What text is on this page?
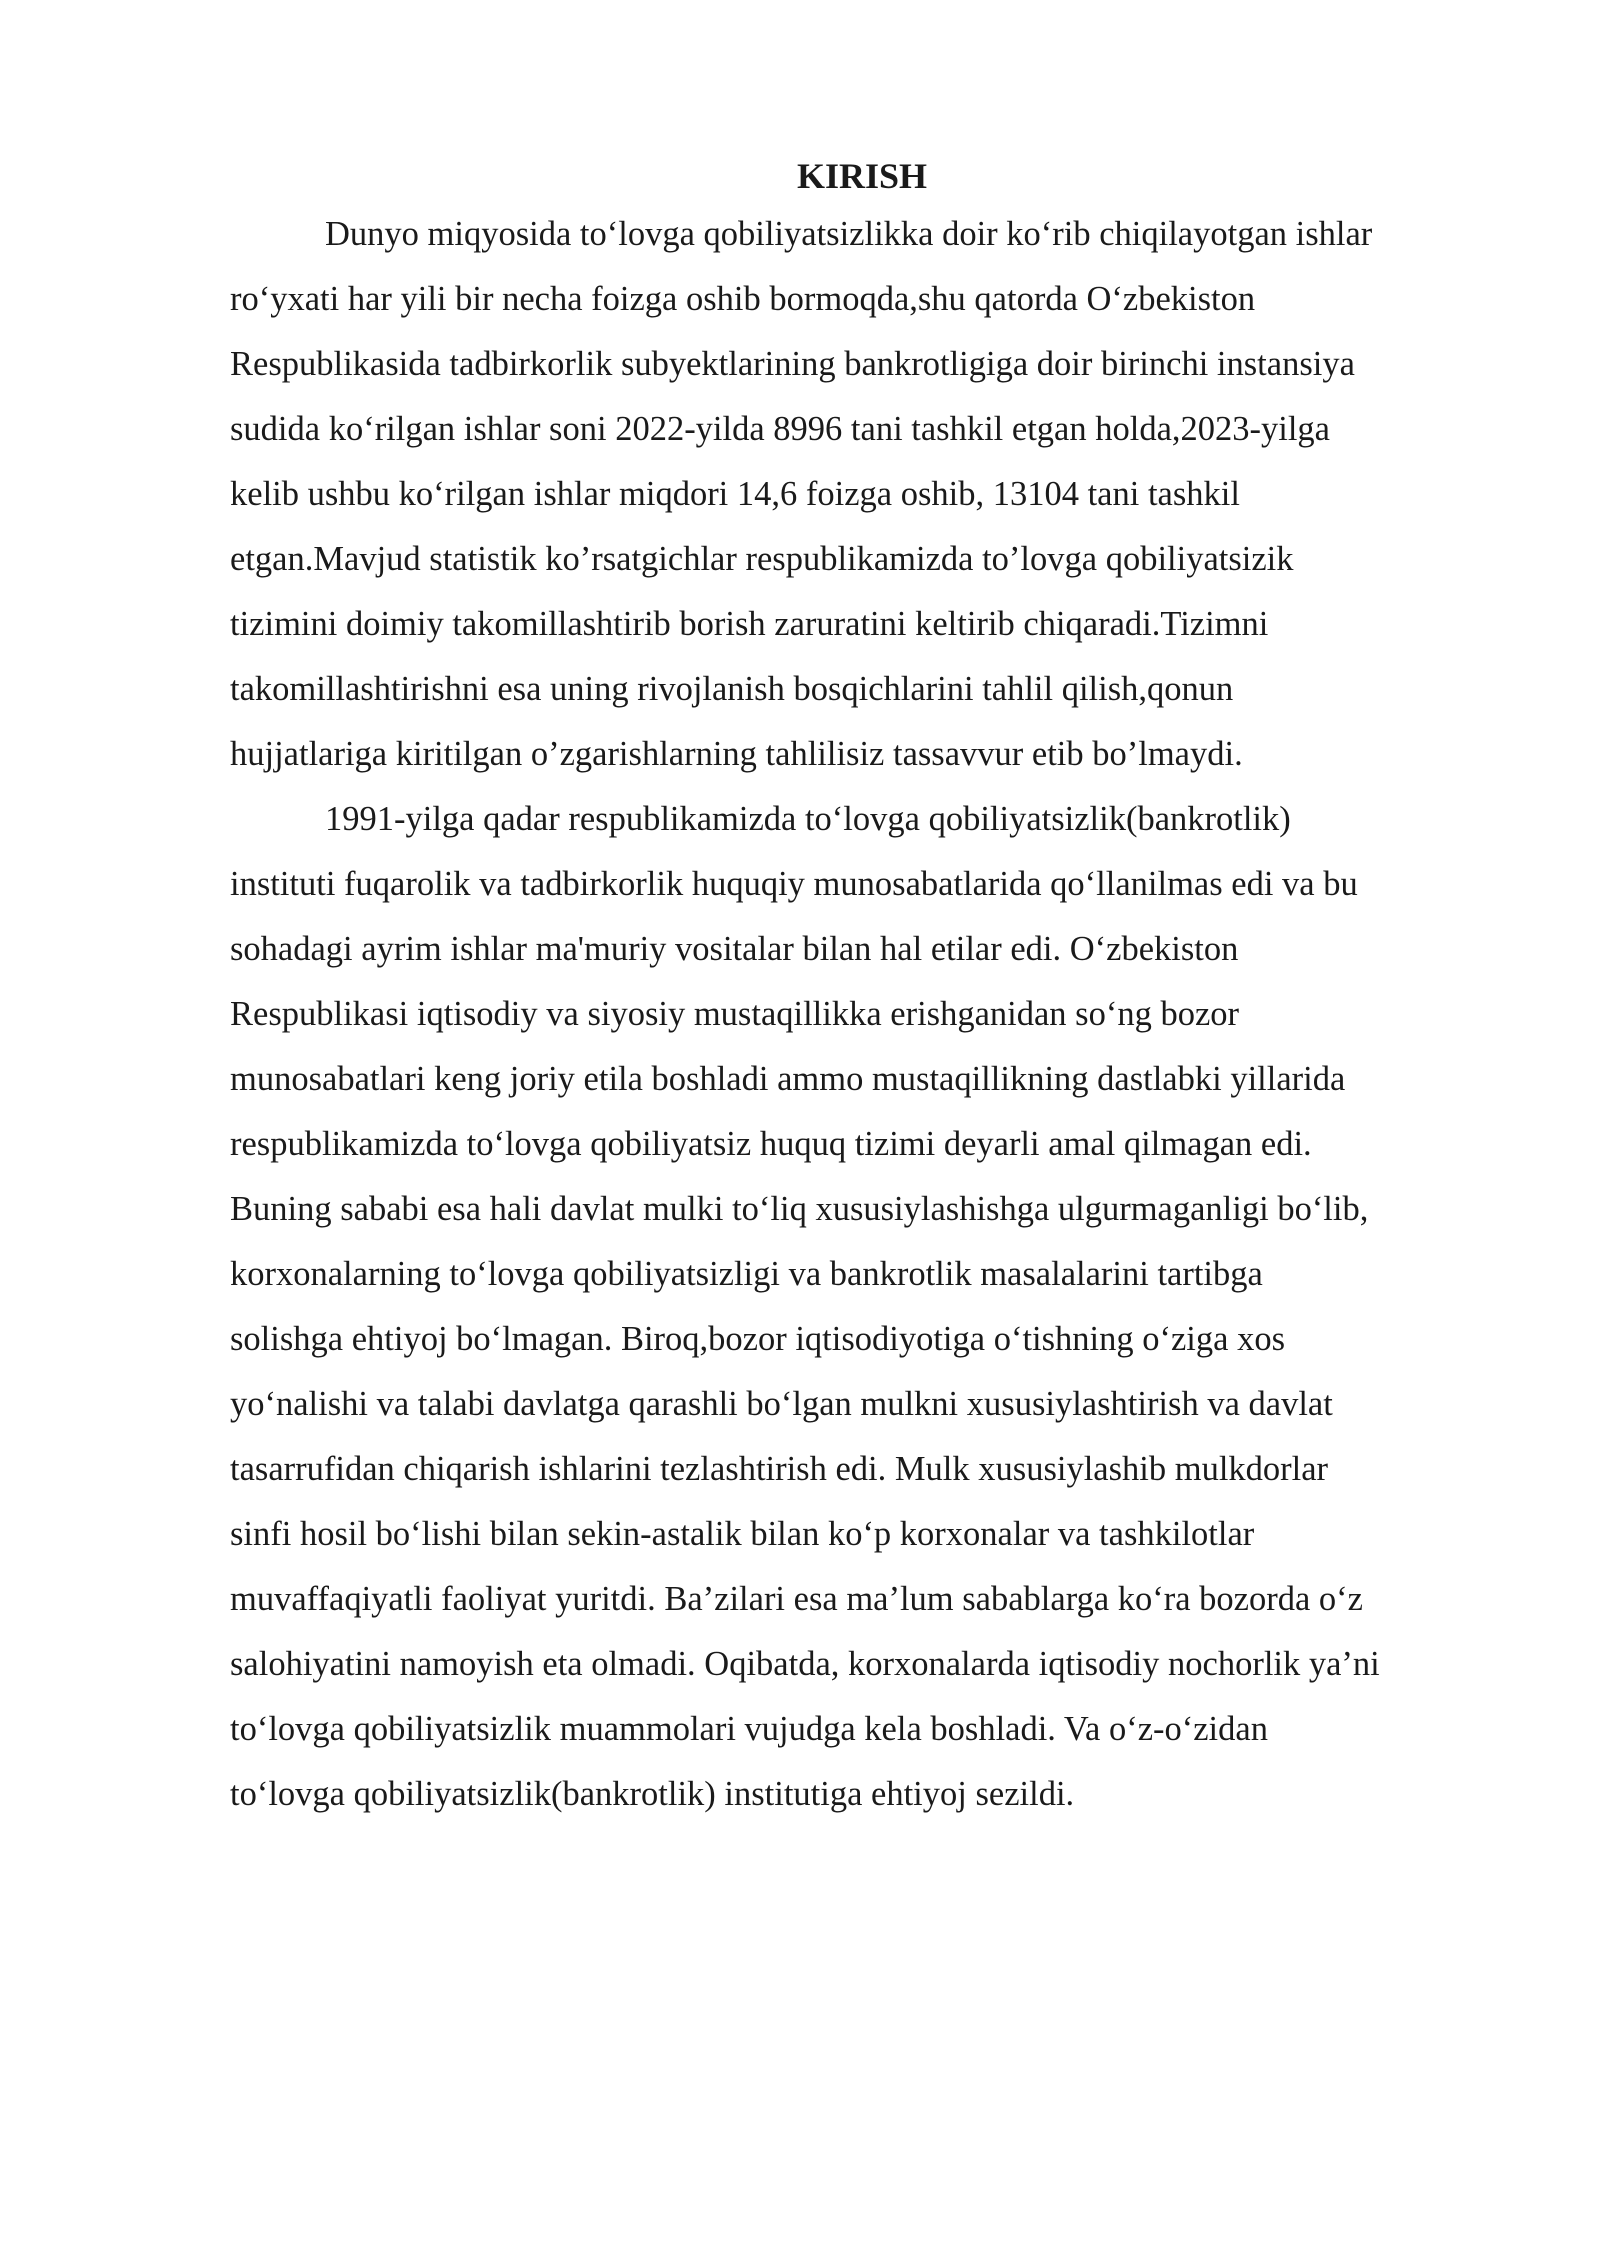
KIRISH

Dunyo miqyosida to‘lovga qobiliyatsizlikka doir ko‘rib chiqilayotgan ishlar
ro‘yxati har yili bir necha foizga oshib bormoqda,shu qatorda O‘zbekiston
Respublikasida tadbirkorlik subyektlarining bankrotligiga doir birinchi instansiya
sudida ko‘rilgan ishlar soni 2022-yilda 8996 tani tashkil etgan holda,2023-yilga
kelib ushbu ko‘rilgan ishlar miqdori 14,6 foizga oshib, 13104 tani tashkil
etgan.Mavjud statistik ko’rsatgichlar respublikamizda to’lovga qobiliyatsizik
tizimini doimiy takomillashtirib borish zaruratini keltirib chiqaradi.Tizimni
takomillashtirishni esa uning rivojlanish bosqichlarini tahlil qilish,qonun
hujjatlariga kiritilgan o’zgarishlarning tahlilisiz tassavvur etib bo’lmaydi.

1991-yilga qadar respublikamizda to‘lovga qobiliyatsizlik(bankrotlik)
instituti fuqarolik va tadbirkorlik huquqiy munosabatlarida qo‘llanilmas edi va bu
sohadagi ayrim ishlar ma'muriy vositalar bilan hal etilar edi. O‘zbekiston
Respublikasi iqtisodiy va siyosiy mustaqillikka erishganidan so‘ng bozor
munosabatlari keng joriy etila boshladi ammo mustaqillikning dastlabki yillarida
respublikamizda to‘lovga qobiliyatsiz huquq tizimi deyarli amal qilmagan edi.
Buning sababi esa hali davlat mulki to‘liq xususiylashishga ulgurmaganligi bo‘lib,
korxonalarning to‘lovga qobiliyatsizligi va bankrotlik masalalarini tartibga
solishga ehtiyoj bo‘lmagan. Biroq,bozor iqtisodiyotiga o‘tishning o‘ziga xos
yo‘nalishi va talabi davlatga qarashli bo‘lgan mulkni xususiylashtirish va davlat
tasarrufidan chiqarish ishlarini tezlashtirish edi. Mulk xususiylashib mulkdorlar
sinfi hosil bo‘lishi bilan sekin-astalik bilan ko‘p korxonalar va tashkilotlar
muvaffaqiyatli faoliyat yuritdi. Ba’zilari esa ma’lum sabablarga ko‘ra bozorda o‘z
salohiyatini namoyish eta olmadi. Oqibatda, korxonalarda iqtisodiy nochorlik ya’ni
to‘lovga qobiliyatsizlik muammolari vujudga kela boshladi. Va o‘z-o‘zidan
to‘lovga qobiliyatsizlik(bankrotlik) institutiga ehtiyoj sezildi.
